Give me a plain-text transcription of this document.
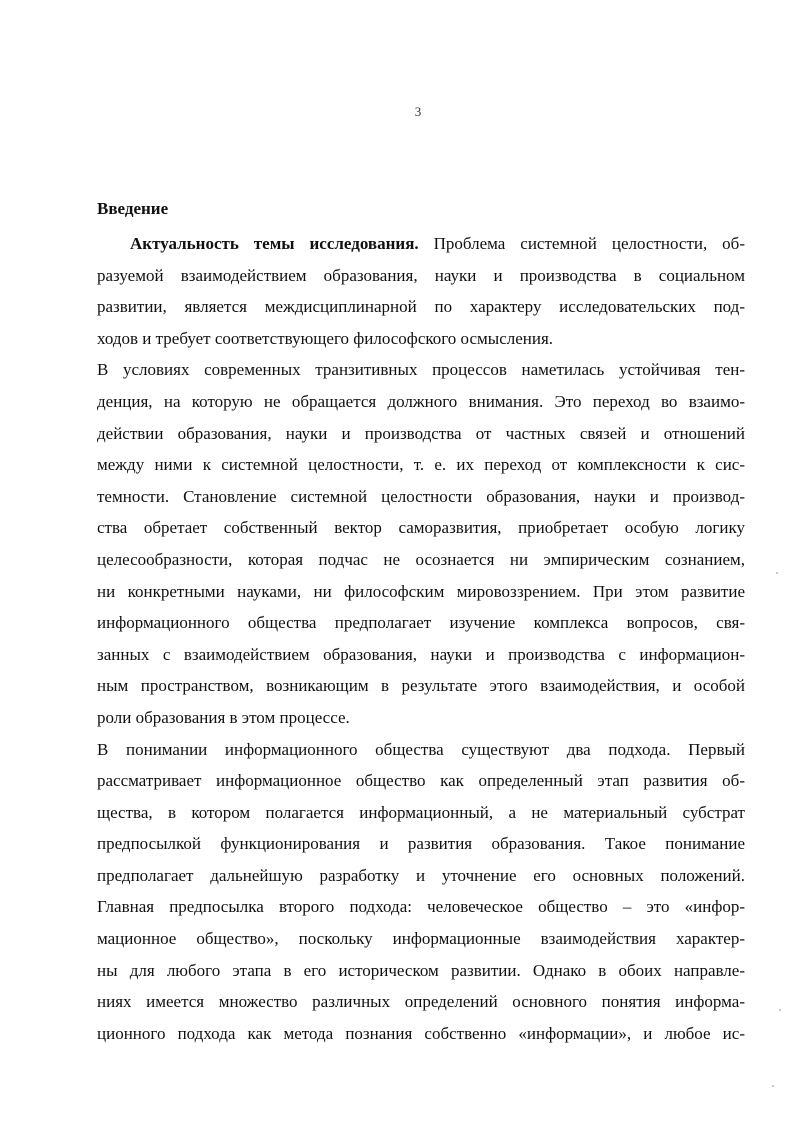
3
Введение
Актуальность темы исследования. Проблема системной целостности, об-
разуемой взаимодействием образования, науки и производства в социальном
развитии, является междисциплинарной по характеру исследовательских под-
ходов и требует соответствующего философского осмысления.
В условиях современных транзитивных процессов наметилась устойчивая тен-
денция, на которую не обращается должного внимания. Это переход во взаимо-
действии образования, науки и производства от частных связей и отношений
между ними к системной целостности, т. е. их переход от комплексности к сис-
темности. Становление системной целостности образования, науки и производ-
ства обретает собственный вектор саморазвития, приобретает особую логику
целесообразности, которая подчас не осознается ни эмпирическим сознанием,
ни конкретными науками, ни философским мировоззрением. При этом развитие
информационного общества предполагает изучение комплекса вопросов, свя-
занных с взаимодействием образования, науки и производства с информацион-
ным пространством, возникающим в результате этого взаимодействия, и особой
роли образования в этом процессе.
В понимании информационного общества существуют два подхода. Первый
рассматривает информационное общество как определенный этап развития об-
щества, в котором полагается информационный, а не материальный субстрат
предпосылкой функционирования и развития образования. Такое понимание
предполагает дальнейшую разработку и уточнение его основных положений.
Главная предпосылка второго подхода: человеческое общество – это «инфор-
мационное общество», поскольку информационные взаимодействия характер-
ны для любого этапа в его историческом развитии. Однако в обоих направле-
ниях имеется множество различных определений основного понятия информа-
ционного подхода как метода познания собственно «информации», и любое ис-
